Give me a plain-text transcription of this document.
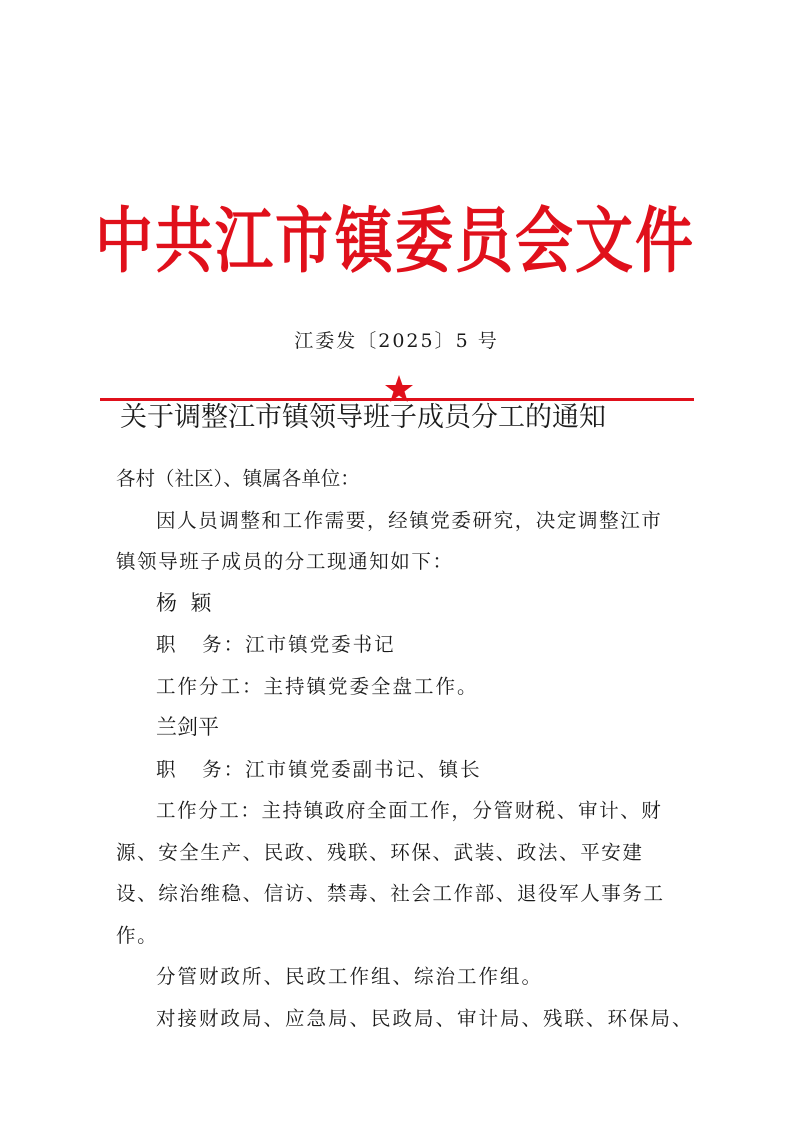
中共江市镇委员会文件
江委发〔2025〕5 号
关于调整江市镇领导班子成员分工的通知

各村（社区）、镇属各单位：

因人员调整和工作需要，经镇党委研究，决定调整江市镇领导班子成员的分工现通知如下：

杨  颖

职   务：江市镇党委书记

工作分工：主持镇党委全盘工作。

兰剑平

职   务：江市镇党委副书记、镇长

工作分工：主持镇政府全面工作，分管财税、审计、财源、安全生产、民政、残联、环保、武装、政法、平安建设、综治维稳、信访、禁毒、社会工作部、退役军人事务工作。

分管财政所、民政工作组、综治工作组。

对接财政局、应急局、民政局、审计局、残联、环保局、
